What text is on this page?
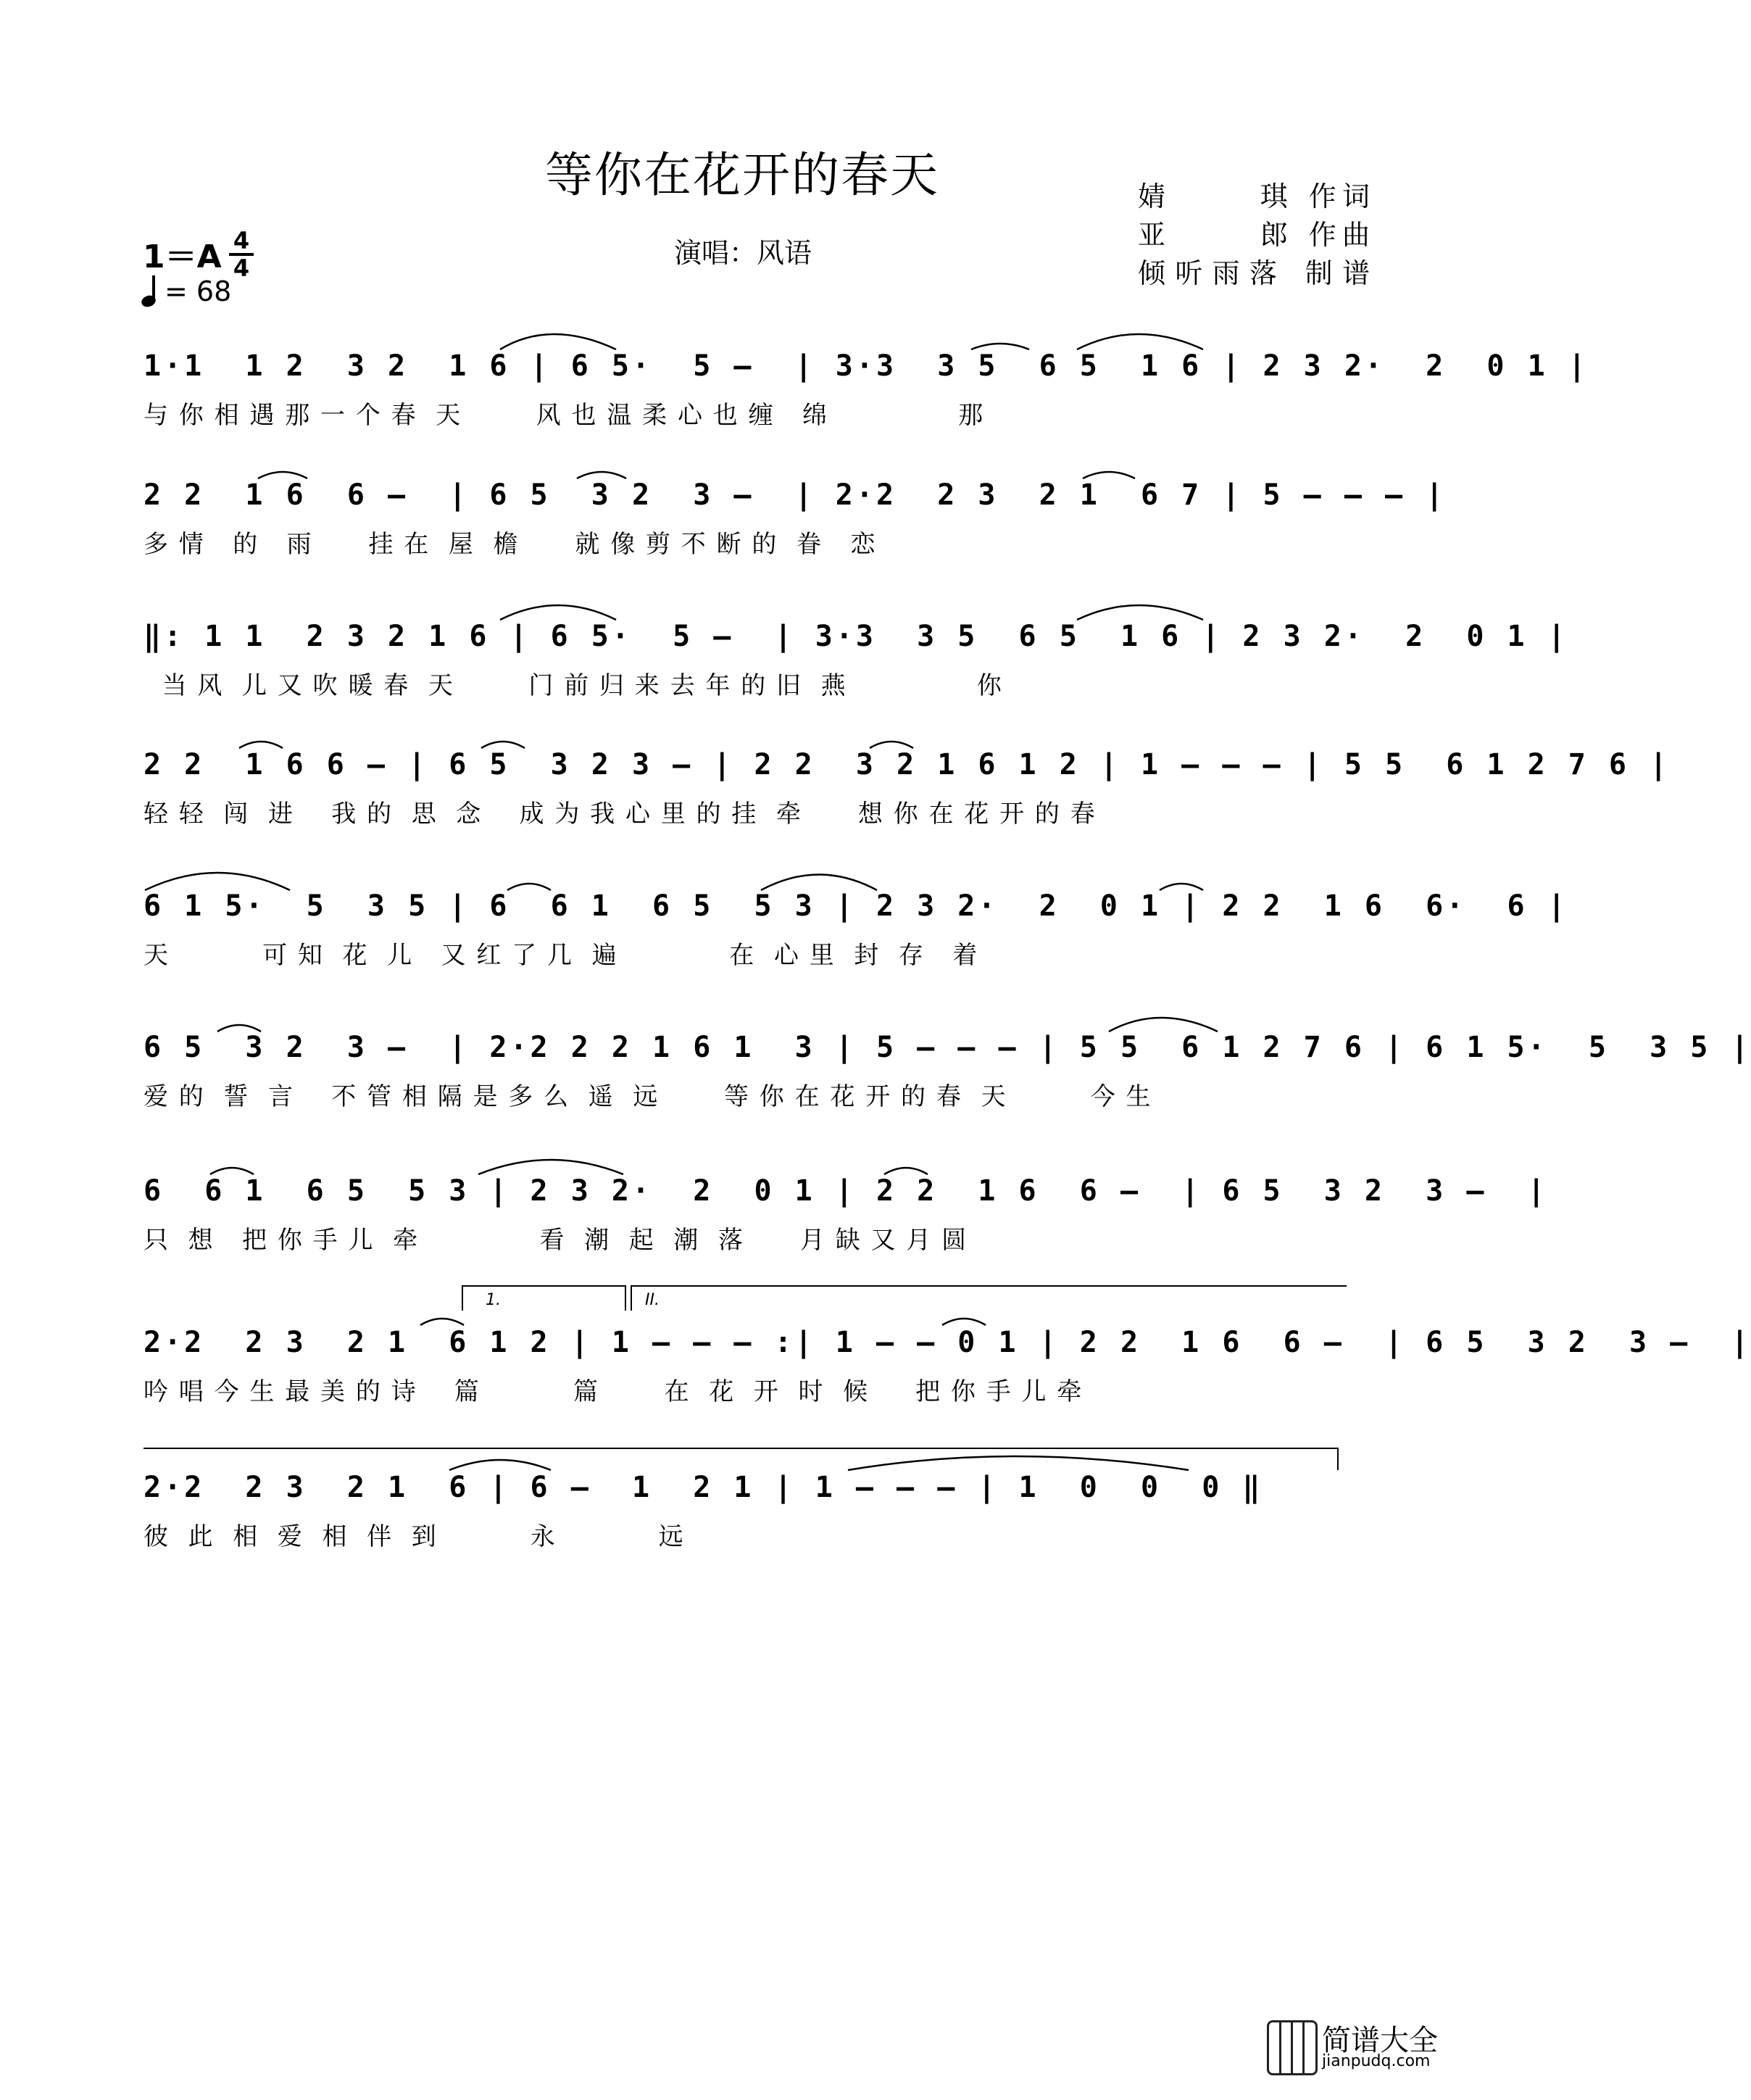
等你在花开的春天	婧      琪 作词
亚      郎 作曲
倾听雨落 制谱
1＝A 4
4
= 68
演唱：风语
1·1  1 2  3 2  1 6 | 6 5·  5 –  | 3·3  3 5  6 5  1 6 | 2 3 2·  2  0 1 |
与 你 相 遇 那 一 个 春  天        风 也 温 柔 心 也 缠   绵              那
2 2  1 6  6 –  | 6 5  3 2  3 –  | 2·2  2 3  2 1  6 7 | 5 – – – |
多 情   的   雨      挂 在  屋  檐      就 像 剪 不 断 的  眷   恋
‖: 1 1  2 3 2 1 6 | 6 5·  5 –  | 3·3  3 5  6 5  1 6 | 2 3 2·  2  0 1 |
当 风  儿 又 吹 暖 春  天        门 前 归 来 去 年 的 旧  燕              你
2 2  1 6 6 – | 6 5  3 2 3 – | 2 2  3 2 1 6 1 2 | 1 – – – | 5 5  6 1 2 7 6 |
轻 轻  闯  进    我 的  思  念    成 为 我 心 里 的 挂  牵      想 你 在 花 开 的 春
6 1 5·  5  3 5 | 6  6 1  6 5  5 3 | 2 3 2·  2  0 1 | 2 2  1 6  6·  6 |
天          可 知  花  儿   又 红 了 几  遍            在  心 里  封  存   着
6 5  3 2  3 –  | 2·2 2 2 1 6 1  3 | 5 – – – | 5 5  6 1 2 7 6 | 6 1 5·  5  3 5 |
爱 的  誓  言    不 管 相 隔 是 多 么  遥  远       等 你 在 花 开 的 春  天         今 生
6  6 1  6 5  5 3 | 2 3 2·  2  0 1 | 2 2  1 6  6 –  | 6 5  3 2  3 –  |
只  想   把 你 手 儿  牵             看  潮  起  潮  落      月 缺 又 月 圆
2·2  2 3  2 1  6 1 2 | 1 – – – :| 1 – – 0 1 | 2 2  1 6  6 –  | 6 5  3 2  3 –  |
吟 唱 今 生 最 美 的 诗    篇          篇       在  花  开  时  候     把 你 手 儿 牵
1.	II.
2·2  2 3  2 1  6 | 6 –  1  2 1 | 1 – – – | 1  0  0  0 ‖
彼  此  相  爱  相  伴  到          永           远
简谱大全
jianpudq.com
